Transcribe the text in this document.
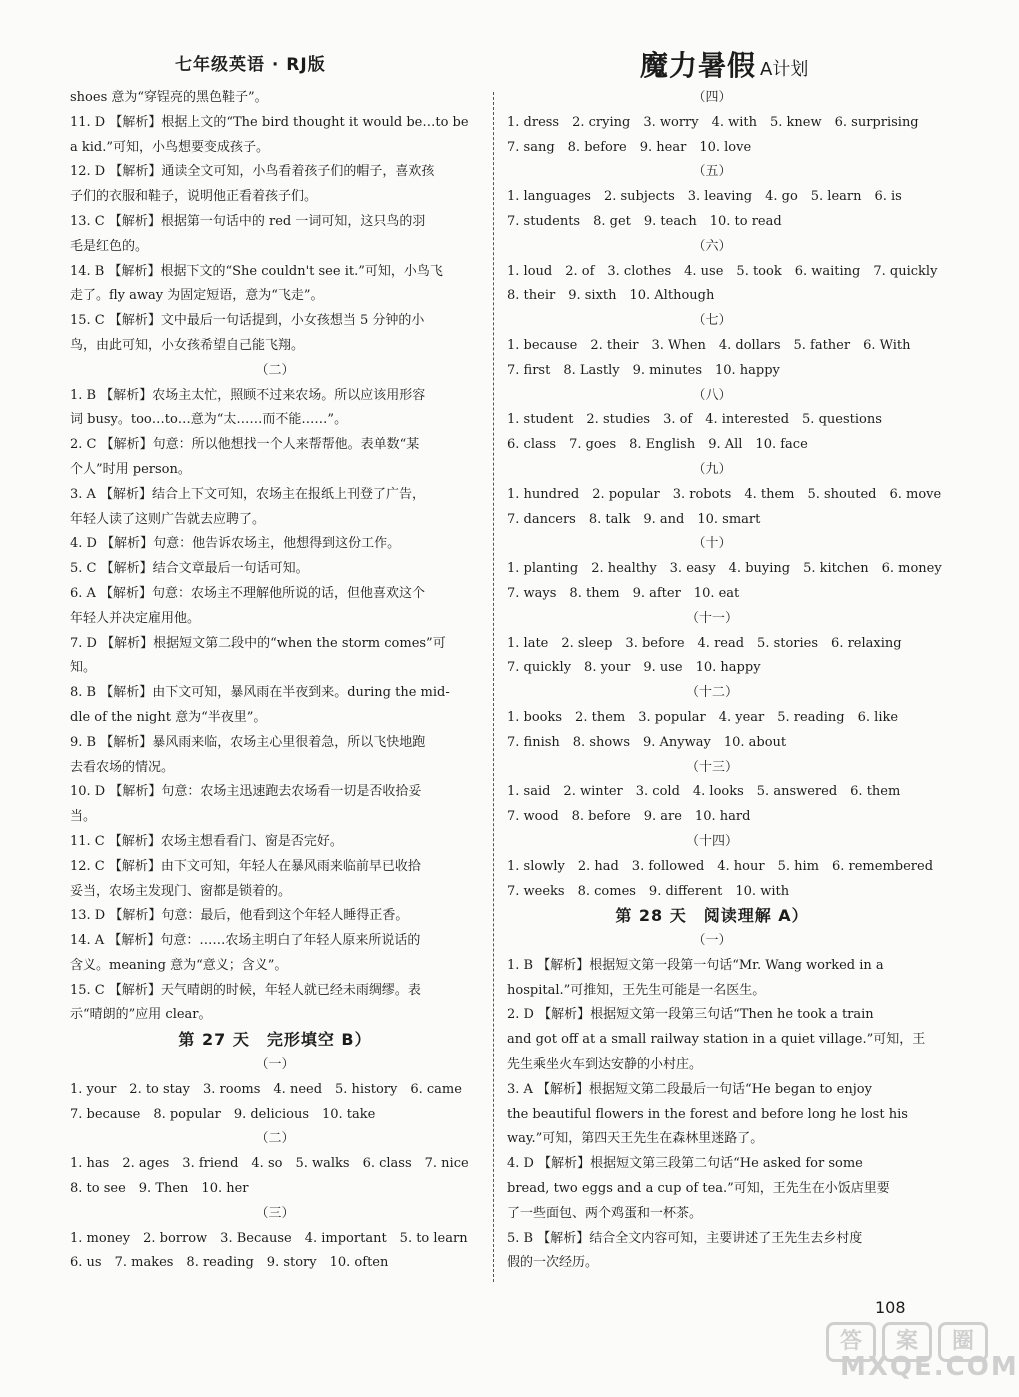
七年级英语 · RJ版	魔力暑假 A计划
shoes 意为“穿锃亮的黑色鞋子”。
11. D 【解析】根据上文的“The bird thought it would be…to be
a kid.”可知，小鸟想要变成孩子。
12. D 【解析】通读全文可知，小鸟看着孩子们的帽子，喜欢孩
子们的衣服和鞋子，说明他正看着孩子们。
13. C 【解析】根据第一句话中的 red 一词可知，这只鸟的羽
毛是红色的。
14. B 【解析】根据下文的“She couldn't see it.”可知，小鸟飞
走了。fly away 为固定短语，意为“飞走”。
15. C 【解析】文中最后一句话提到，小女孩想当 5 分钟的小
鸟，由此可知，小女孩希望自己能飞翔。
（二）
1. B 【解析】农场主太忙，照顾不过来农场。所以应该用形容
词 busy。too…to…意为“太……而不能……”。
2. C 【解析】句意：所以他想找一个人来帮帮他。表单数“某
个人”时用 person。
3. A 【解析】结合上下文可知，农场主在报纸上刊登了广告，
年轻人读了这则广告就去应聘了。
4. D 【解析】句意：他告诉农场主，他想得到这份工作。
5. C 【解析】结合文章最后一句话可知。
6. A 【解析】句意：农场主不理解他所说的话，但他喜欢这个
年轻人并决定雇用他。
7. D 【解析】根据短文第二段中的“when the storm comes”可
知。
8. B 【解析】由下文可知，暴风雨在半夜到来。during the mid-
dle of the night 意为“半夜里”。
9. B 【解析】暴风雨来临，农场主心里很着急，所以飞快地跑
去看农场的情况。
10. D 【解析】句意：农场主迅速跑去农场看一切是否收拾妥
当。
11. C 【解析】农场主想看看门、窗是否完好。
12. C 【解析】由下文可知，年轻人在暴风雨来临前早已收拾
妥当，农场主发现门、窗都是锁着的。
13. D 【解析】句意：最后，他看到这个年轻人睡得正香。
14. A 【解析】句意：……农场主明白了年轻人原来所说话的
含义。meaning 意为“意义；含义”。
15. C 【解析】天气晴朗的时候，年轻人就已经未雨绸缪。表
示“晴朗的”应用 clear。
第 27 天　完形填空 B）
（一）
1. your　2. to stay　3. rooms　4. need　5. history　6. came
7. because　8. popular　9. delicious　10. take
（二）
1. has　2. ages　3. friend　4. so　5. walks　6. class　7. nice
8. to see　9. Then　10. her
（三）
1. money　2. borrow　3. Because　4. important　5. to learn
6. us　7. makes　8. reading　9. story　10. often
（四）
1. dress　2. crying　3. worry　4. with　5. knew　6. surprising
7. sang　8. before　9. hear　10. love
（五）
1. languages　2. subjects　3. leaving　4. go　5. learn　6. is
7. students　8. get　9. teach　10. to read
（六）
1. loud　2. of　3. clothes　4. use　5. took　6. waiting　7. quickly
8. their　9. sixth　10. Although
（七）
1. because　2. their　3. When　4. dollars　5. father　6. With
7. first　8. Lastly　9. minutes　10. happy
（八）
1. student　2. studies　3. of　4. interested　5. questions
6. class　7. goes　8. English　9. All　10. face
（九）
1. hundred　2. popular　3. robots　4. them　5. shouted　6. move
7. dancers　8. talk　9. and　10. smart
（十）
1. planting　2. healthy　3. easy　4. buying　5. kitchen　6. money
7. ways　8. them　9. after　10. eat
（十一）
1. late　2. sleep　3. before　4. read　5. stories　6. relaxing
7. quickly　8. your　9. use　10. happy
（十二）
1. books　2. them　3. popular　4. year　5. reading　6. like
7. finish　8. shows　9. Anyway　10. about
（十三）
1. said　2. winter　3. cold　4. looks　5. answered　6. them
7. wood　8. before　9. are　10. hard
（十四）
1. slowly　2. had　3. followed　4. hour　5. him　6. remembered
7. weeks　8. comes　9. different　10. with
第 28 天　阅读理解 A）
（一）
1. B 【解析】根据短文第一段第一句话“Mr. Wang worked in a
hospital.”可推知，王先生可能是一名医生。
2. D 【解析】根据短文第一段第三句话“Then he took a train
and got off at a small railway station in a quiet village.”可知，王
先生乘坐火车到达安静的小村庄。
3. A 【解析】根据短文第二段最后一句话“He began to enjoy
the beautiful flowers in the forest and before long he lost his
way.”可知，第四天王先生在森林里迷路了。
4. D 【解析】根据短文第三段第二句话“He asked for some
bread, two eggs and a cup of tea.”可知，王先生在小饭店里要
了一些面包、两个鸡蛋和一杯茶。
5. B 【解析】结合全文内容可知，主要讲述了王先生去乡村度
假的一次经历。
108
答	案	圈
MXQE.COM
